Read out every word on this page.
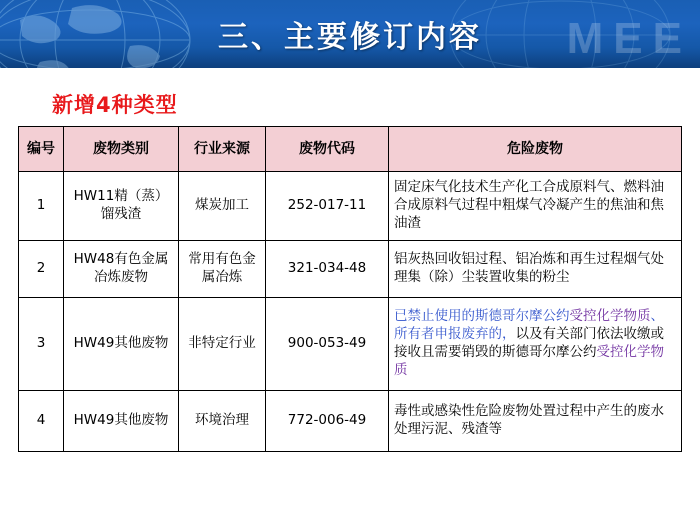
MEE
三、主要修订内容
新增4种类型
编号	废物类别	行业来源	废物代码	危险废物
1	HW11精（蒸）馏残渣	煤炭加工	252-017-11	固定床气化技术生产化工合成原料气、燃料油合成原料气过程中粗煤气冷凝产生的焦油和焦油渣
2	HW48有色金属冶炼废物	常用有色金属冶炼	321-034-48	铝灰热回收铝过程、铝冶炼和再生过程烟气处理集（除）尘装置收集的粉尘
3	HW49其他废物	非特定行业	900-053-49	已禁止使用的斯德哥尔摩公约受控化学物质、所有者申报废弃的，以及有关部门依法收缴或接收且需要销毁的斯德哥尔摩公约受控化学物质
4	HW49其他废物	环境治理	772-006-49	毒性或感染性危险废物处置过程中产生的废水处理污泥、残渣等
